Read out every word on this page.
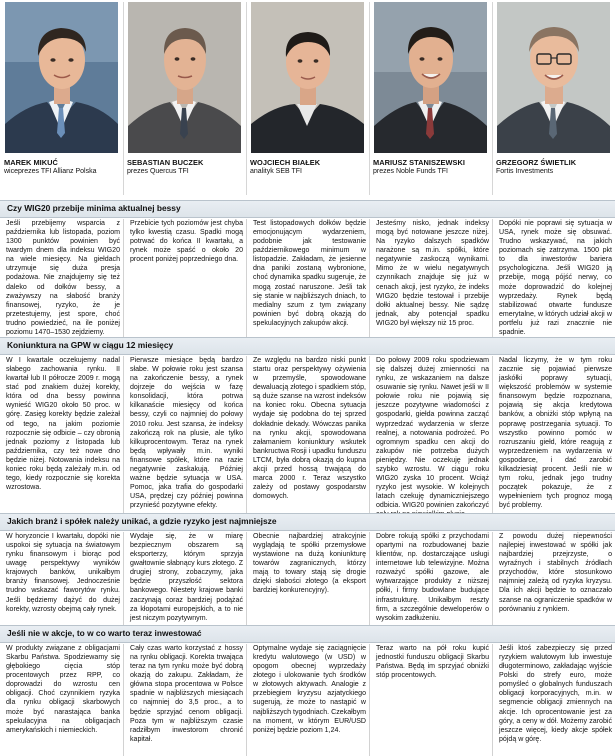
MAREK MIKUĆ
wiceprezes TFI Allianz Polska
SEBASTIAN BUCZEK
prezes Quercus TFI
WOJCIECH BIAŁEK
analityk SEB TFI
MARIUSZ STANISZEWSKI
prezes Noble Funds TFI
GRZEGORZ ŚWIETLIK
Fortis Investments
Czy WIG20 przebije minima aktualnej bessy

Jeśli przebijemy wsparcia z października lub listopada, poziom 1300 punktów powinien być twardym dnem dla indeksu WIG20 na wiele miesięcy. Na giełdach utrzymuje się duża presja podażowa. Nie znajdujemy się też daleko od dołków bessy, a zważywszy na słabość branży finansowej, ryzyko, że je przetestujemy, jest spore, choć trudno powiedzieć, na ile poniżej poziomu 1470–1530 zejdziemy.

Przebicie tych poziomów jest chyba tylko kwestią czasu. Spadki mogą potrwać do końca II kwartału, a rynek może spaść o około 20 procent poniżej poprzedniego dna.

Test listopadowych dołków będzie emocjonującym wydarzeniem, podobnie jak testowanie październikowego minimum w listopadzie. Zakładam, że jesienne dna paniki zostaną wybronione, choć dynamika spadku sugeruje, że mogą zostać naruszone. Jeśli tak się stanie w najbliższych dniach, to medialny szum z tym związany powinien być dobrą okazją do spekulacyjnych zakupów akcji.

Jesteśmy nisko, jednak indeksy mogą być notowane jeszcze niżej. Na ryzyko dalszych spadków narażone są m.in. spółki, które negatywnie zaskoczą wynikami. Mimo że w wielu negatywnych czynnikach znajduje się już w cenach akcji, jest ryzyko, że indeks WIG20 będzie testował i przebije dołki aktualnej bessy. Nie sądzę jednak, aby potencjał spadku WIG20 był większy niż 15 proc.

Dopóki nie poprawi się sytuacja w USA, rynek może się obsuwać. Trudno wskazywać, na jakich poziomach się zatrzyma. 1500 pkt to dla inwestorów bariera psychologiczna. Jeśli WIG20 ją przebije, mogą pójść nerwy, co może doprowadzić do kolejnej wyprzedaży. Rynek będą stabilizować otwarte fundusze emerytalne, w których udział akcji w portfelu już razi znacznie nie spadnie.

Koniunktura na GPW w ciągu 12 miesięcy

W I kwartale oczekujemy nadal słabego zachowania rynku. II kwartał lub II półrocze 2009 r. mogą stać pod znakiem dużej korekty, która od dna bessy powinna wynieść WIG20 około 50 proc. w górę. Zasięg korekty będzie zależał od tego, na jakim poziomie rozpocznie się odbicie – czy obronią jednak poziomy z listopada lub października, czy też nowe dno będzie niżej. Notowania indeksu na koniec roku będą zależały m.in. od tego, kiedy rozpocznie się korekta wzrostowa.

Pierwsze miesiące będą bardzo słabe. W połowie roku jest szansa na zakończenie bessy, a rynek dojrzeje do wejścia w fazę konsolidacji, która potrwa kilkanaście miesięcy od końca bessy, czyli co najmniej do połowy 2010 roku. Jest szansa, że indeksy zakończą rok na plusie, ale tylko kilkuprocentowym. Teraz na rynek będą wpływały m.in. wyniki finansowe spółek, które na razie negatywnie zaskakują. Później ważne będzie sytuacja w USA. Pomoc, jaka trafia do gospodarki USA, prędzej czy później powinna przynieść pozytywne efekty.

Ze względu na bardzo niski punkt startu oraz perspektywy ożywienia w przemyśle, spowodowane dewaluacją złotego i spadkiem stóp, są duże szanse na wzrost indeksów na koniec roku. Obecna sytuacja wydaje się podobna do tej sprzed dokładnie dekady. Wówczas panika na rynku akcji, spowodowana załamaniem koniunktury wskutek bankructwa Rosji i upadku funduszu LTCM, była dobrą okazją do kupna akcji przed hossą trwającą do marca 2000 r. Teraz wszystko zależy od postawy gospodarstw domowych.

Do połowy 2009 roku spodziewam się dalszej dużej zmienności na rynku, ze wskazaniem na dalsze osuwanie się rynku. Nawet jeśli w II połowie roku nie pojawią się jeszcze pozytywne wiadomości z gospodarki, giełda powinna zacząć wyprzedzać wydarzenia w sferze realnej, a notowania podrożeć. Po ogromnym spadku cen akcji do zakupów nie potrzeba dużych pieniędzy. Nie oczekuję jednak szybko wzrostu. W ciągu roku WIG20 zyska 10 procent. Wciąż ryzyko jest wysokie. W kolejnych latach czekuję dynamiczniejszego odbicia. WIG20 powinien zakończyć

Nadal liczymy, że w tym roku zacznie się pojawiać pierwsze jaskółki poprawy sytuacji, większość problemów w systemie finansowym będzie rozpoznana, pojawią się akcja kredytowa banków, a obniżki stóp wpłyną na poprawę postrzegania sytuacji. To wszystko powinno pomóc w rozruszaniu giełd, które reagują z wyprzedzeniem na wydarzenia w gospodarce, i dać zarobić kilkadziesiąt procent. Jeśli nie w tym roku, jednak jego trudny początek pokazuje, że z wypełnieniem tych prognoz mogą być problemy.

Jakich branż i spółek należy unikać, a gdzie ryzyko jest najmniejsze

W horyzoncie I kwartału, dopóki nie uspokoi się sytuacja na światowym rynku finansowym i biorąc pod uwagę perspektywy wyników krajowych banków, unikałbym branży finansowej. Jednocześnie trudno wskazać faworytów rynku. Jeśli będziemy dążyć do dużej korekty, wzrosty obejmą cały rynek.

Wydaje się, że w miarę bezpiecznym obszarem są eksporterzy, którym sprzyja gwałtownie słabnący kurs złotego. Z drugiej strony, zobaczymy, jaka będzie przyszłość sektora bankowego. Niestety krajowe banki zaczynają coraz bardziej podążać za kłopotami europejskich, a to nie jest niczym pozytywnym.

Obecnie najbardziej atrakcyjnie wyglądają te spółki przemysłowe wystawione na dużą koniunkturę towarów zagranicznych, którzy mają to towary stają się drogie dzięki słabości złotego (a eksport bardziej konkurencyjny).

Dobre rokują spółki z przychodami opartymi na rozbudowanej bazie klientów, np. dostarczające usługi internetowe lub telewizyjne. Można rozważyć spółki gazowe, ale wytwarzające produkty z niższej półki, i firmy budowlane budujące infrastrukturę. Unikałbym reszty firm, a szczególnie deweloperów o wysokim zadłużeniu.

Z powodu dużej niepewności najlepiej inwestować w spółki jak najbardziej przejrzyste, o wyraźnych i stabilnych źródłach przychodów, które stosunkowo najmniej zależą od ryzyka kryzysu. Dla ich akcji będzie to oznaczało szanse na ograniczenie spadków w porównaniu z rynkiem.

Jeśli nie w akcje, to w co warto teraz inwestować

W produkty związane z obligacjami Skarbu Państwa. Spodziewamy się głębokiego cięcia stóp procentowych przez RPP, co doprowadzi do wzrostu cen obligacji. Choć czynnikiem ryzyka dla rynku obligacji skarbowych może być narastająca banka spekulacyjna na obligacjach amerykańskich i niemieckich.

Cały czas warto korzystać z hossy na rynku obligacji. Korekta trwająca teraz na tym rynku może być dobrą okazją do zakupu. Zakładam, że główna stopa procentowa w Polsce spadnie w najbliższych miesiącach co najmniej do 3,5 proc., a to będzie sprzyjać cenom obligacji. Poza tym w najbliższym czasie radziłbym inwestorom chronić kapitał.

Optymalne wydaje się zaciągnięcie kredytu walutowego (w USD) w opogom obecnej wyprzedaży złotego i ulokowanie tych środków w złotowych aktywach. Analogie z przebiegiem kryzysu azjatyckiego sugerują, że może to nastąpić w najbliższych tygodniach. Czekałbym na moment, w którym EUR/USD poniżej będzie poziom 1,24.

Teraz warto na pół roku kupić jednostki funduszu obligacji Skarbu Państwa. Będą im sprzyjać obniżki stóp procentowych.

Jeśli ktoś zabezpieczy się przed ryzykiem walutowym lub inwestuje długoterminowo, zakładając wyjście Polski do strefy euro, może pomyśleć o globalnych funduszach obligacji korporacyjnych, m.in. w segmencie obligacji zmiennych na akcje. Ich oprocentowanie jest za góry, a ceny w dół. Możemy zarobić jeszcze więcej, kiedy akcje spółek pójdą w górę.
